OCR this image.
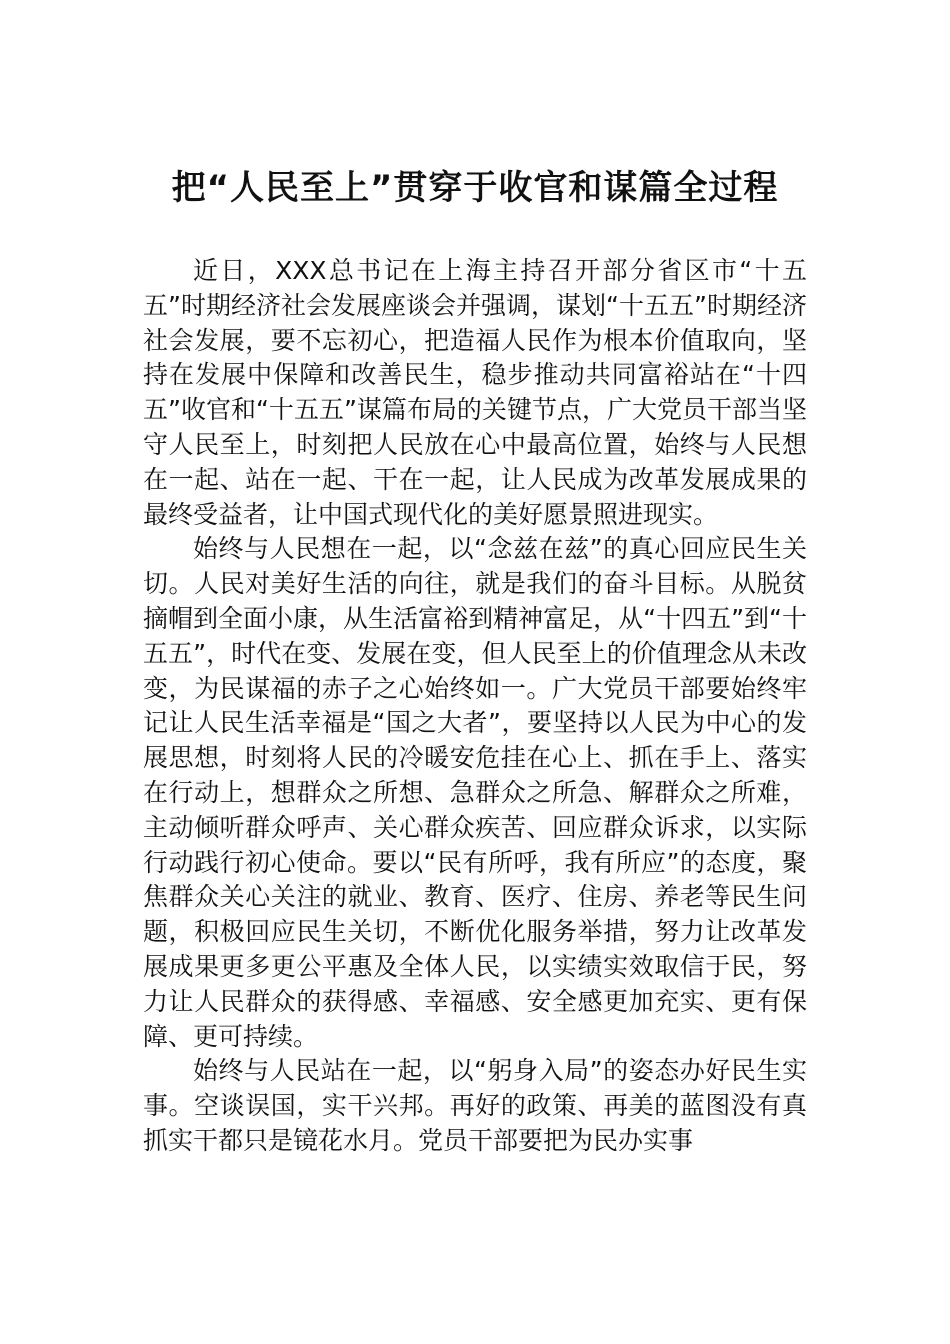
把“人民至上”贯穿于收官和谋篇全过程

近日，XXX总书记在上海主持召开部分省区市“十五五”时期经济社会发展座谈会并强调，谋划“十五五”时期经济社会发展，要不忘初心，把造福人民作为根本价值取向，坚持在发展中保障和改善民生，稳步推动共同富裕站在“十四五”收官和“十五五”谋篇布局的关键节点，广大党员干部当坚守人民至上，时刻把人民放在心中最高位置，始终与人民想在一起、站在一起、干在一起，让人民成为改革发展成果的最终受益者，让中国式现代化的美好愿景照进现实。

始终与人民想在一起，以“念兹在兹”的真心回应民生关切。人民对美好生活的向往，就是我们的奋斗目标。从脱贫摘帽到全面小康，从生活富裕到精神富足，从“十四五”到“十五五”，时代在变、发展在变，但人民至上的价值理念从未改变，为民谋福的赤子之心始终如一。广大党员干部要始终牢记让人民生活幸福是“国之大者”，要坚持以人民为中心的发展思想，时刻将人民的冷暖安危挂在心上、抓在手上、落实在行动上，想群众之所想、急群众之所急、解群众之所难，主动倾听群众呼声、关心群众疾苦、回应群众诉求，以实际行动践行初心使命。要以“民有所呼，我有所应”的态度，聚焦群众关心关注的就业、教育、医疗、住房、养老等民生问题，积极回应民生关切，不断优化服务举措，努力让改革发展成果更多更公平惠及全体人民，以实绩实效取信于民，努力让人民群众的获得感、幸福感、安全感更加充实、更有保障、更可持续。

始终与人民站在一起，以“躬身入局”的姿态办好民生实事。空谈误国，实干兴邦。再好的政策、再美的蓝图没有真抓实干都只是镜花水月。党员干部要把为民办实事
